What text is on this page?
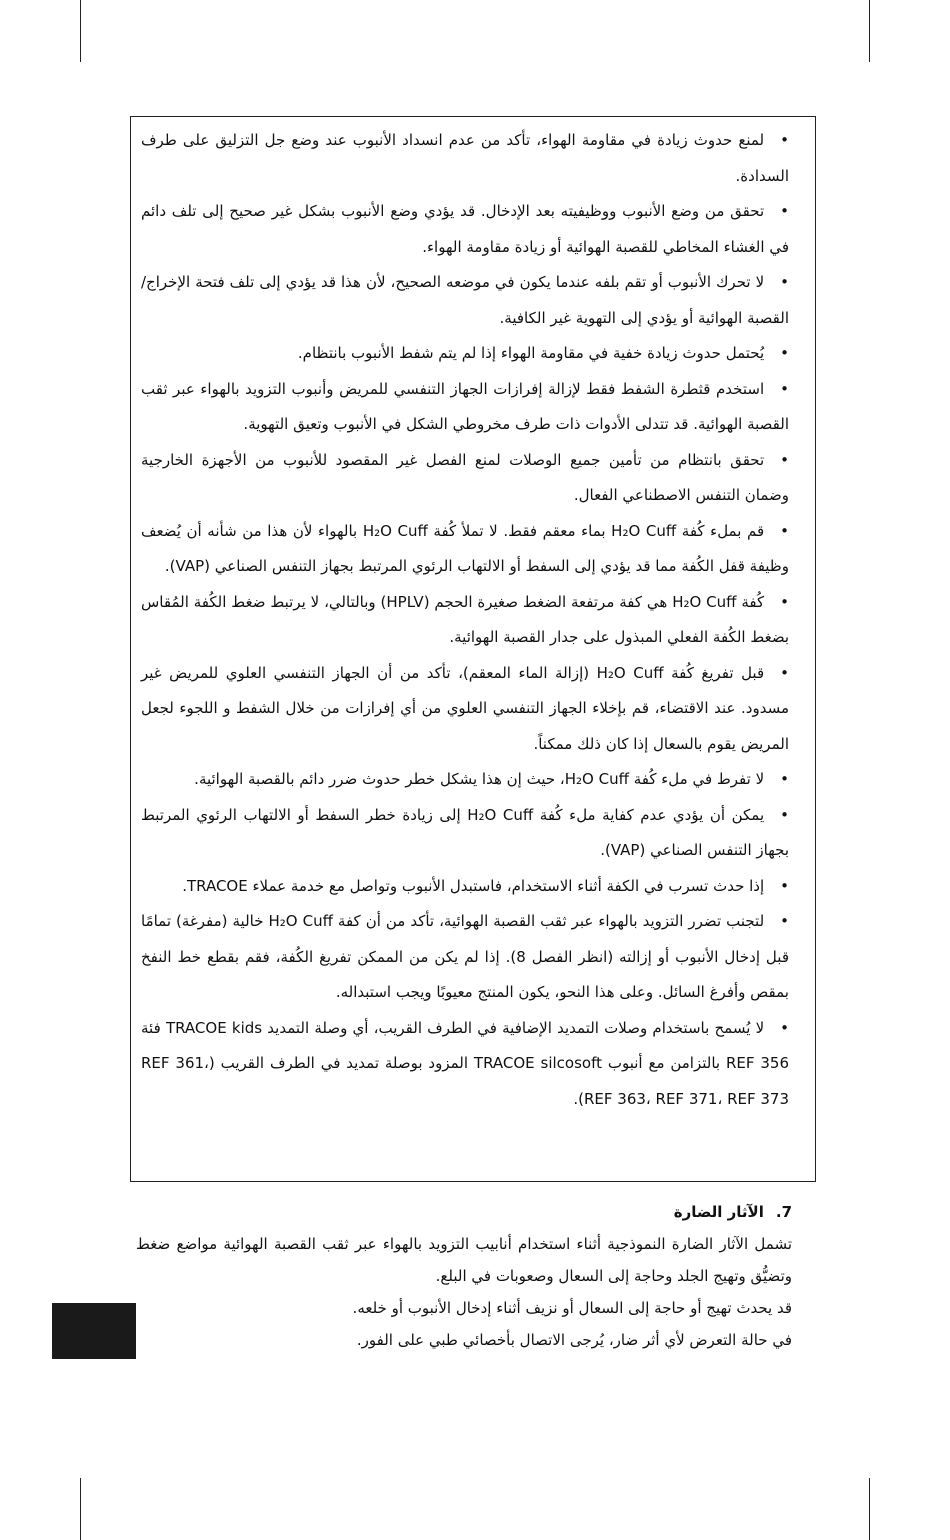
•لمنع حدوث زيادة في مقاومة الهواء، تأكد من عدم انسداد الأنبوب عند وضع جل التزليق على طرف السدادة.
•تحقق من وضع الأنبوب ووظيفيته بعد الإدخال. قد يؤدي وضع الأنبوب بشكل غير صحيح إلى تلف دائم في الغشاء المخاطي للقصبة الهوائية أو زيادة مقاومة الهواء.
•لا تحرك الأنبوب أو تقم بلفه عندما يكون في موضعه الصحيح، لأن هذا قد يؤدي إلى تلف فتحة الإخراج/القصبة الهوائية أو يؤدي إلى التهوية غير الكافية.
•يُحتمل حدوث زيادة خفية في مقاومة الهواء إذا لم يتم شفط الأنبوب بانتظام.
•استخدم قثطرة الشفط فقط لإزالة إفرازات الجهاز التنفسي للمريض وأنبوب التزويد بالهواء عبر ثقب القصبة الهوائية. قد تتدلى الأدوات ذات طرف مخروطي الشكل في الأنبوب وتعيق التهوية.
•تحقق بانتظام من تأمين جميع الوصلات لمنع الفصل غير المقصود للأنبوب من الأجهزة الخارجية وضمان التنفس الاصطناعي الفعال.
•قم بملء كُفة H₂O Cuff بماء معقم فقط. لا تملأ كُفة H₂O Cuff بالهواء لأن هذا من شأنه أن يُضعف وظيفة قفل الكُفة مما قد يؤدي إلى السفط أو الالتهاب الرئوي المرتبط بجهاز التنفس الصناعي (VAP).
•كُفة H₂O Cuff هي كفة مرتفعة الضغط صغيرة الحجم (HPLV) وبالتالي، لا يرتبط ضغط الكُفة المُقاس بضغط الكُفة الفعلي المبذول على جدار القصبة الهوائية.
•قبل تفريغ كُفة H₂O Cuff (إزالة الماء المعقم)، تأكد من أن الجهاز التنفسي العلوي للمريض غير مسدود. عند الاقتضاء، قم بإخلاء الجهاز التنفسي العلوي من أي إفرازات من خلال الشفط و اللجوء لجعل المريض يقوم بالسعال إذا كان ذلك ممكناً.
•لا تفرط في ملء كُفة H₂O Cuff، حيث إن هذا يشكل خطر حدوث ضرر دائم بالقصبة الهوائية.
•يمكن أن يؤدي عدم كفاية ملء كُفة H₂O Cuff إلى زيادة خطر السفط أو الالتهاب الرئوي المرتبط بجهاز التنفس الصناعي (VAP).
•إذا حدث تسرب في الكفة أثناء الاستخدام، فاستبدل الأنبوب وتواصل مع خدمة عملاء TRACOE.
•لتجنب تضرر التزويد بالهواء عبر ثقب القصبة الهوائية، تأكد من أن كفة H₂O Cuff خالية (مفرغة) تمامًا قبل إدخال الأنبوب أو إزالته (انظر الفصل 8). إذا لم يكن من الممكن تفريغ الكُفة، فقم بقطع خط النفخ بمقص وأفرغ السائل. وعلى هذا النحو، يكون المنتج معيوبًا ويجب استبداله.
•لا يُسمح باستخدام وصلات التمديد الإضافية في الطرف القريب، أي وصلة التمديد TRACOE kids فئة REF 356 بالتزامن مع أنبوب TRACOE silcosoft المزود بوصلة تمديد في الطرف القريب (REF 361، REF 363، REF 371، REF 373).

7.الآثار الضارة

تشمل الآثار الضارة النموذجية أثناء استخدام أنابيب التزويد بالهواء عبر ثقب القصبة الهوائية مواضع ضغط وتضيُّق وتهيج الجلد وحاجة إلى السعال وصعوبات في البلع.

قد يحدث تهيج أو حاجة إلى السعال أو نزيف أثناء إدخال الأنبوب أو خلعه.

في حالة التعرض لأي أثر ضار، يُرجى الاتصال بأخصائي طبي على الفور.
